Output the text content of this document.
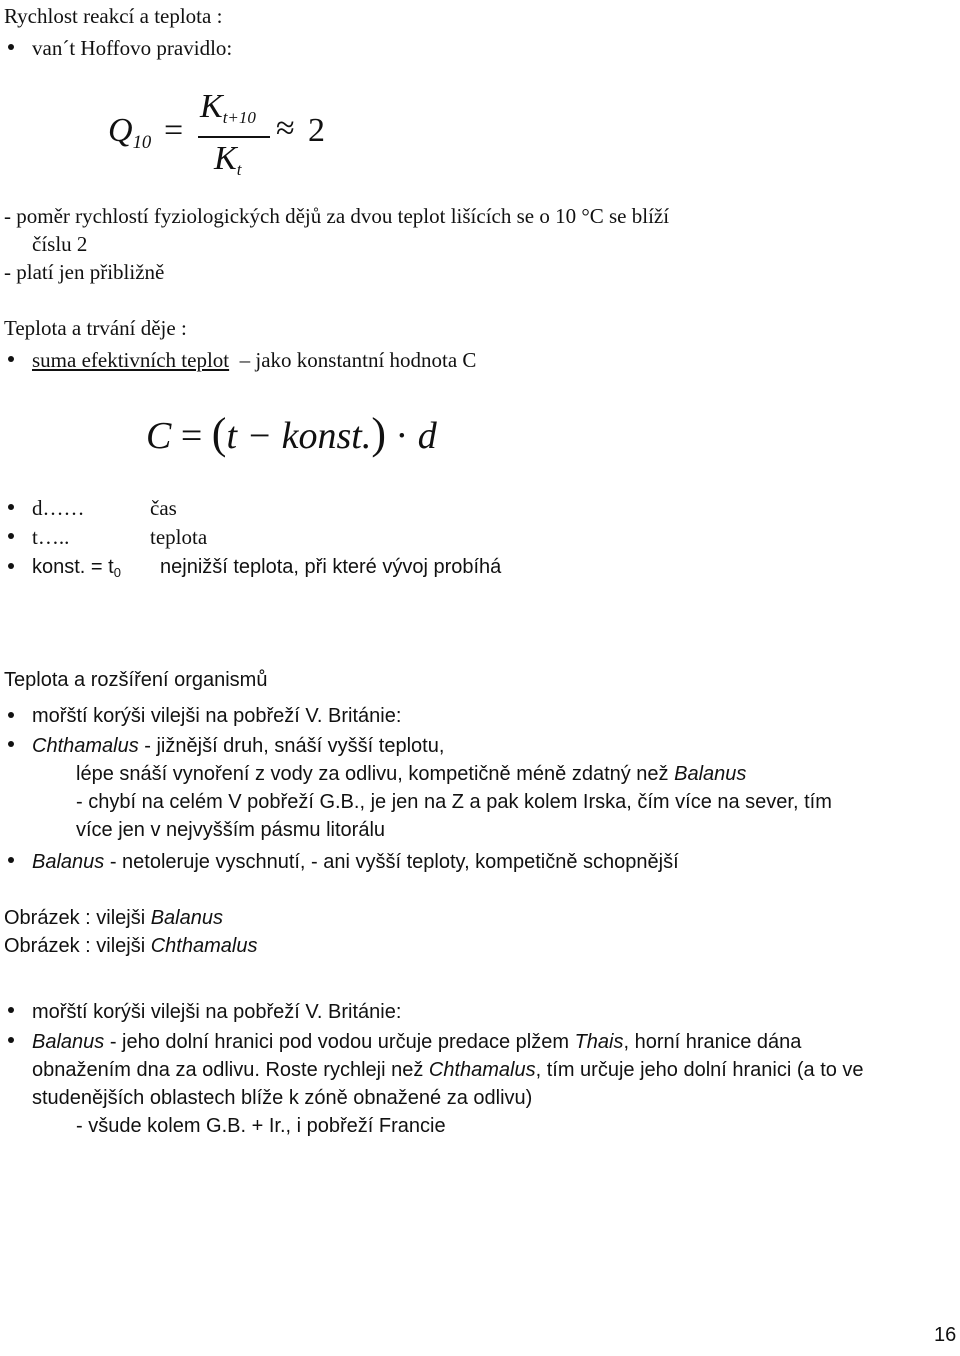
Rychlost reakcí a teplota :
van´t Hoffovo pravidlo:
Q10 =
Kt+10
Kt
≈ 2
- poměr rychlostí fyziologických dějů za dvou teplot lišících se o 10 °C se blíží
číslu 2
- platí jen přibližně
Teplota a trvání děje :
suma efektivních teplot – jako konstantní hodnota C
C = (t − konst.) · d
d……	čas
t…..	teplota
konst. = $t_0$ nejnižší teplota, při které vývoj probíhá
Teplota a rozšíření organismů
mořští korýši vilejši na pobřeží V. Británie:
Chthamalus - jižnější druh, snáší vyšší teplotu,
lépe snáší vynoření z vody za odlivu, kompetičně méně zdatný než Balanus
- chybí na celém V pobřeží G.B., je jen na Z a pak kolem Irska, čím více na sever, tím
více jen v nejvyšším pásmu litorálu
Balanus - netoleruje vyschnutí, - ani vyšší teploty, kompetičně schopnější
Obrázek : vilejši Balanus
Obrázek : vilejši Chthamalus
mořští korýši vilejši na pobřeží V. Británie:
Balanus - jeho dolní hranici pod vodou určuje predace plžem Thais, horní hranice dána
obnažením dna za odlivu. Roste rychleji než Chthamalus, tím určuje jeho dolní hranici (a to ve
studenějších oblastech blíže k zóně obnažené za odlivu)
- všude kolem G.B. + Ir., i pobřeží Francie
16
